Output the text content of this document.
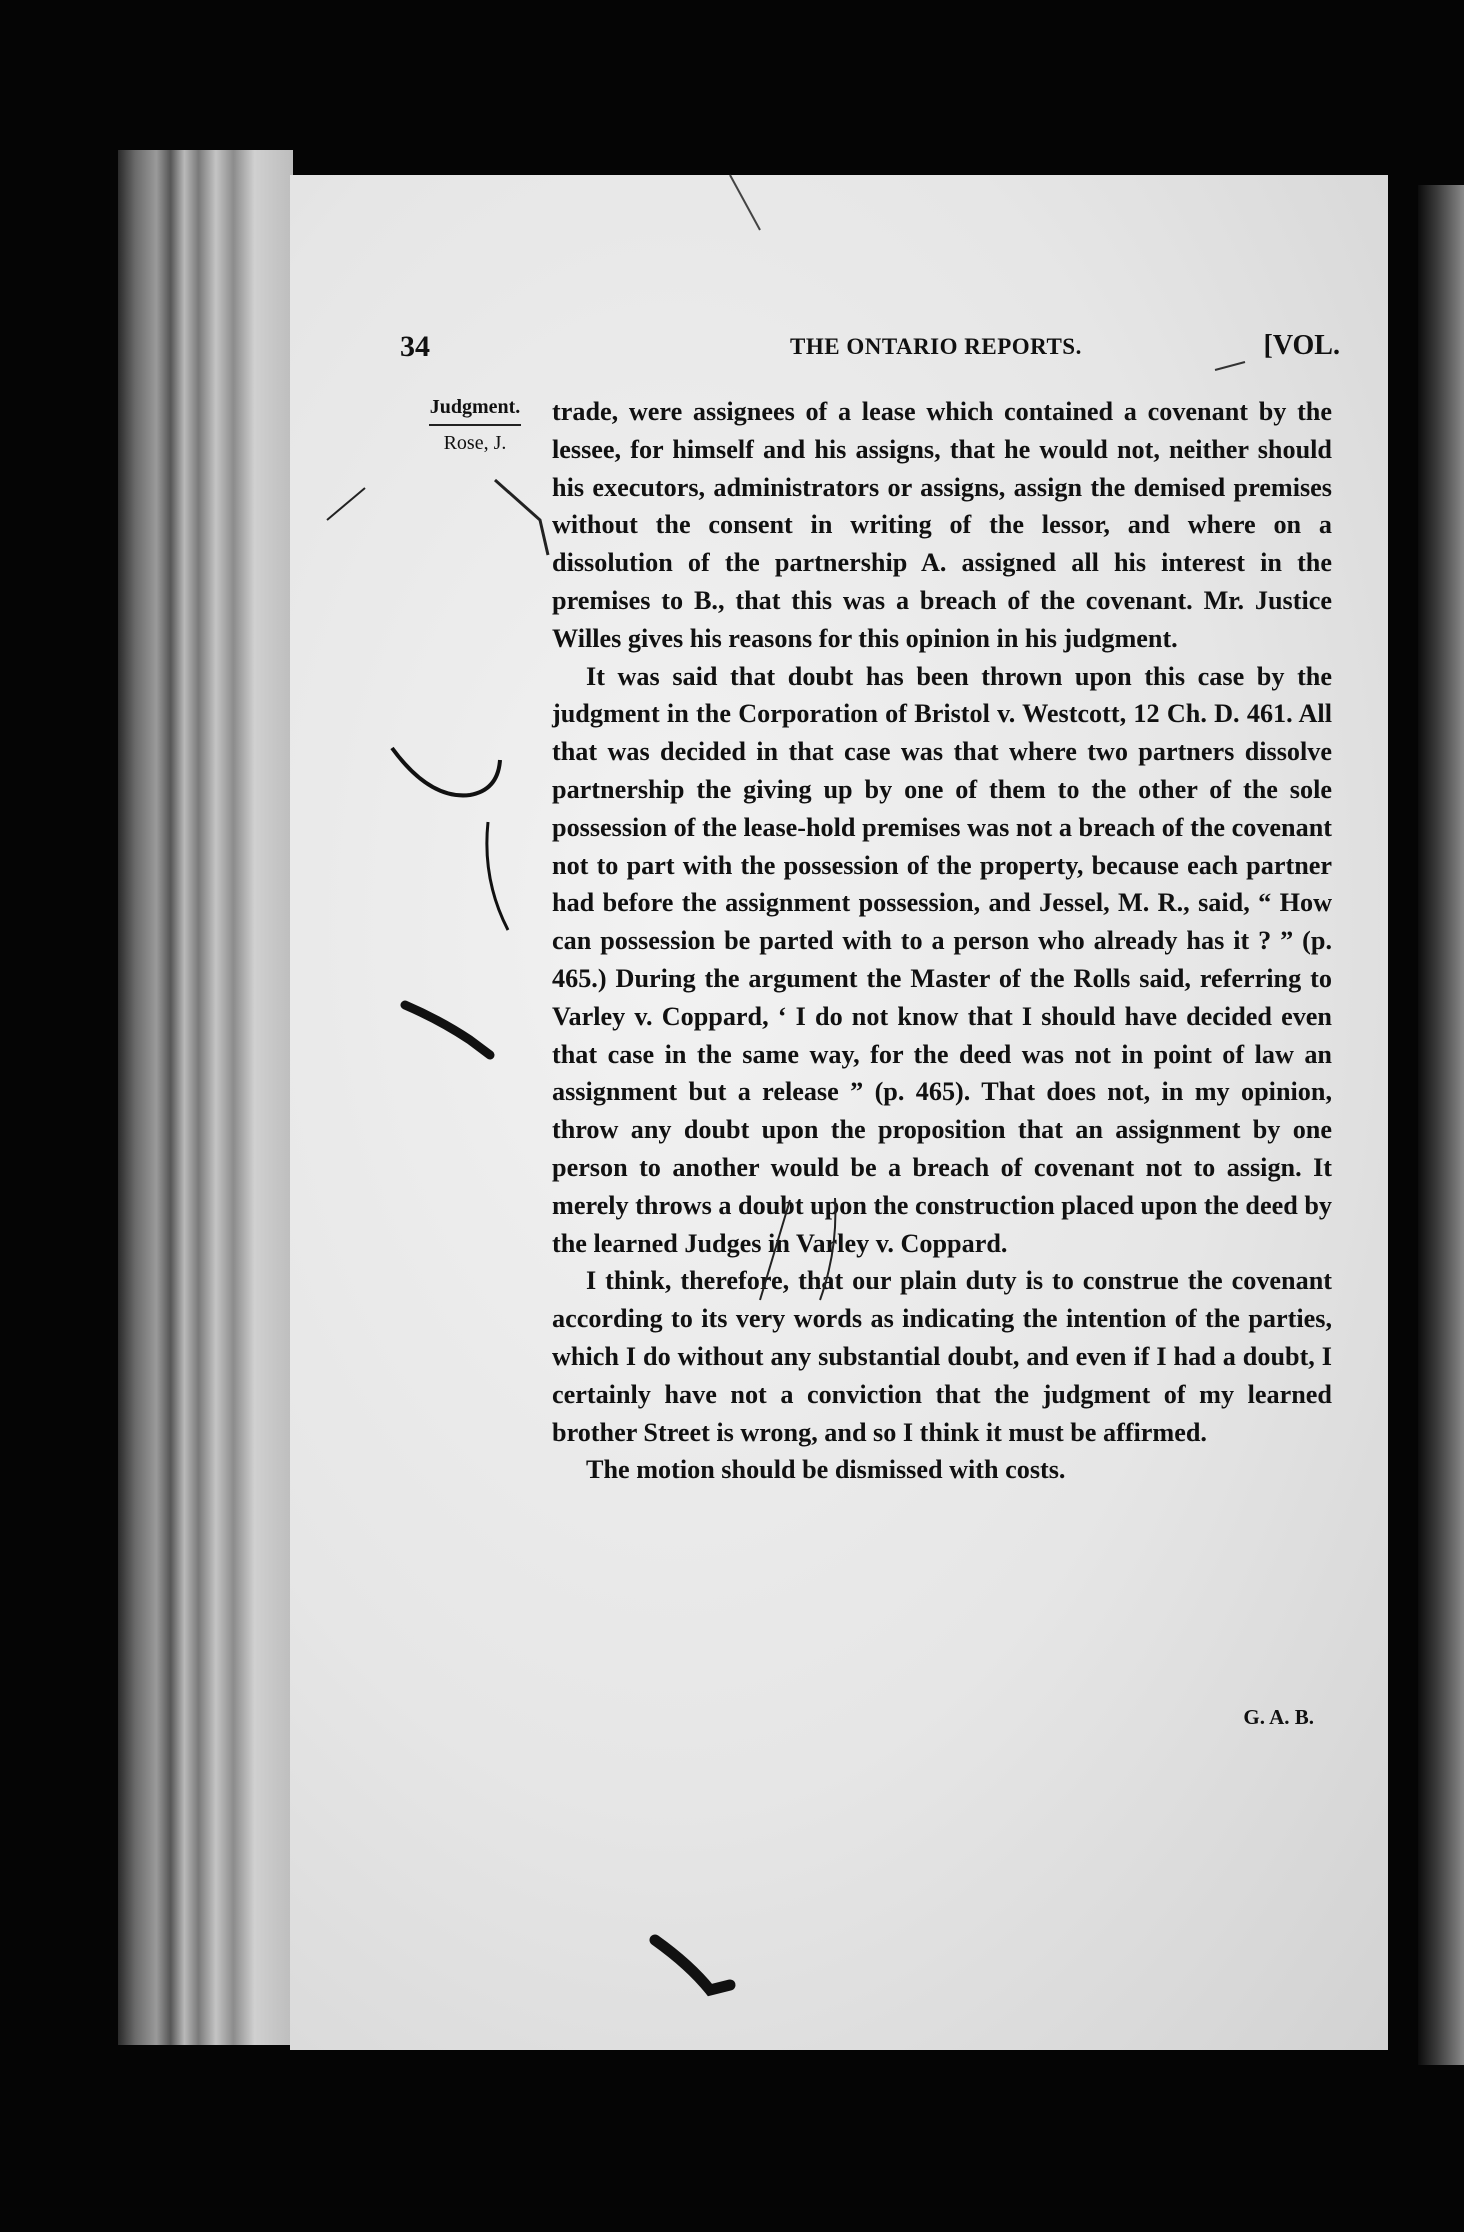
34	THE ONTARIO REPORTS.	[VOL.
Judgment.
Rose, J.

trade, were assignees of a lease which contained a covenant by the lessee, for himself and his assigns, that he would not, neither should his executors, administrators or assigns, assign the demised premises without the consent in writing of the lessor, and where on a dissolution of the partnership A. assigned all his interest in the premises to B., that this was a breach of the covenant. Mr. Justice Willes gives his reasons for this opinion in his judgment.

It was said that doubt has been thrown upon this case by the judgment in the Corporation of Bristol v. Westcott, 12 Ch. D. 461. All that was decided in that case was that where two partners dissolve partnership the giving up by one of them to the other of the sole possession of the lease-hold premises was not a breach of the covenant not to part with the possession of the property, because each partner had before the assignment possession, and Jessel, M. R., said, “ How can possession be parted with to a person who already has it ? ” (p. 465.) During the argument the Master of the Rolls said, referring to Varley v. Coppard, ‘ I do not know that I should have decided even that case in the same way, for the deed was not in point of law an assignment but a release ” (p. 465). That does not, in my opinion, throw any doubt upon the proposition that an assignment by one person to another would be a breach of covenant not to assign. It merely throws a doubt upon the construction placed upon the deed by the learned Judges in Varley v. Coppard.

I think, therefore, that our plain duty is to construe the covenant according to its very words as indicating the intention of the parties, which I do without any substantial doubt, and even if I had a doubt, I certainly have not a conviction that the judgment of my learned brother Street is wrong, and so I think it must be affirmed.

The motion should be dismissed with costs.

G. A. B.
